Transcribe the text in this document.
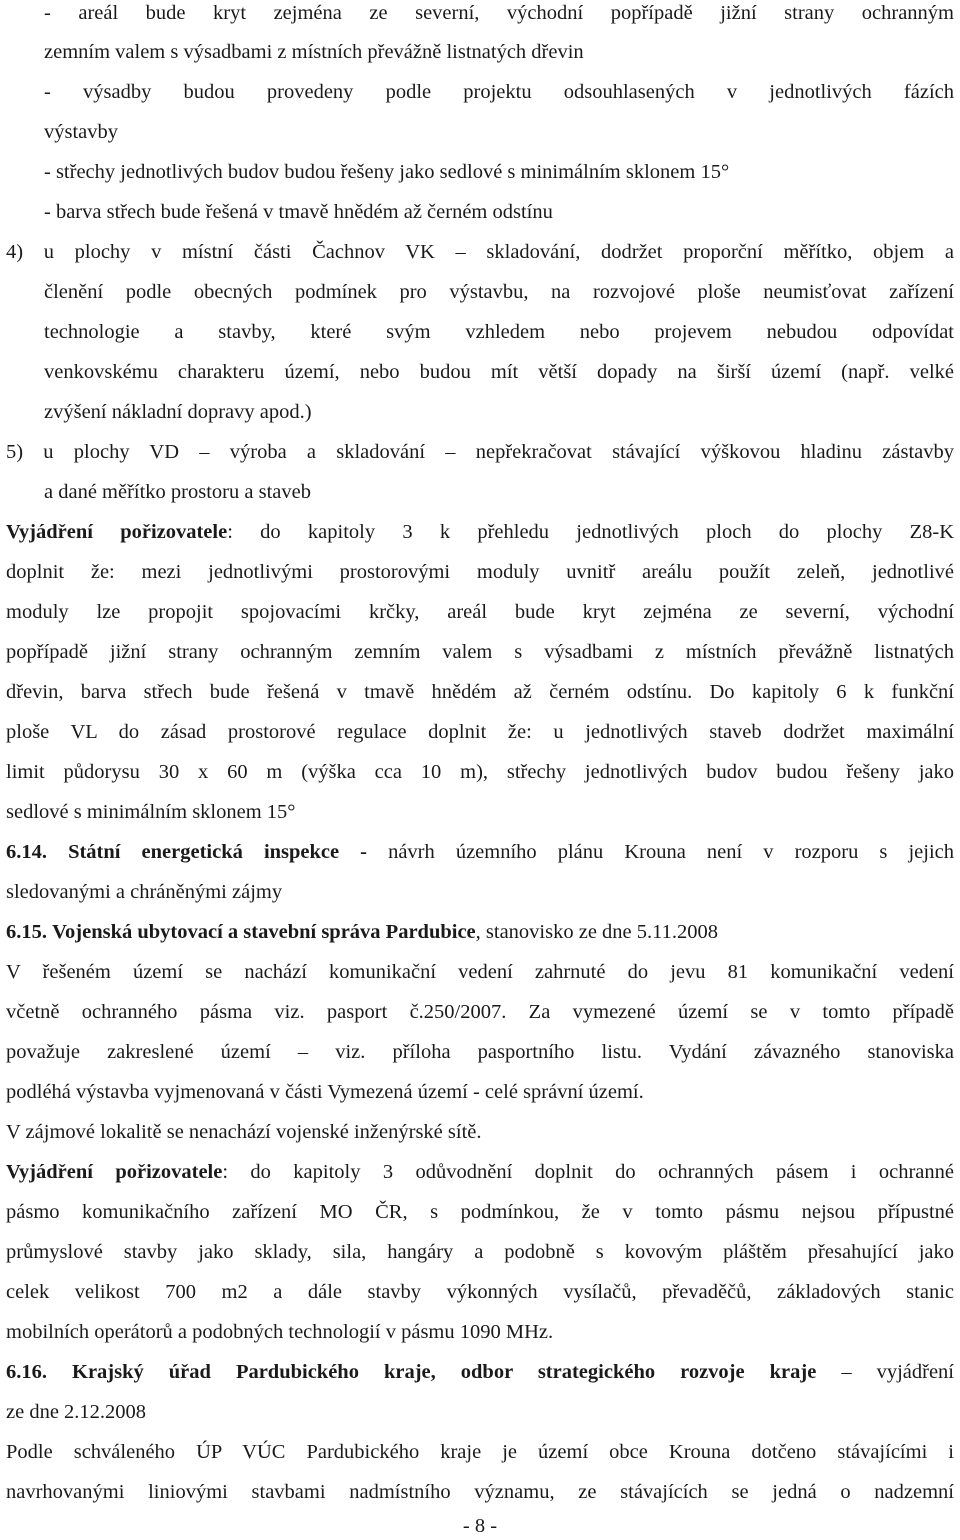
- areál bude kryt zejména ze severní, východní popřípadě jižní strany ochranným
zemním valem s výsadbami z místních převážně listnatých dřevin
- výsadby budou provedeny podle projektu odsouhlasených v jednotlivých fázích
výstavby
- střechy jednotlivých budov budou řešeny jako sedlové s minimálním sklonem 15°
- barva střech bude řešená v tmavě hnědém až černém odstínu
4) u plochy v místní části Čachnov VK – skladování, dodržet proporční měřítko, objem a
členění podle obecných podmínek pro výstavbu, na rozvojové ploše neumisťovat zařízení
technologie a stavby, které svým vzhledem nebo projevem nebudou odpovídat
venkovskému charakteru území, nebo budou mít větší dopady na širší území (např. velké
zvýšení nákladní dopravy apod.)
5) u plochy VD – výroba a skladování – nepřekračovat stávající výškovou hladinu zástavby
a dané měřítko prostoru a staveb
Vyjádření pořizovatele: do kapitoly 3 k přehledu jednotlivých ploch do plochy Z8-K
doplnit že: mezi jednotlivými prostorovými moduly uvnitř areálu použít zeleň, jednotlivé
moduly lze propojit spojovacími krčky, areál bude kryt zejména ze severní, východní
popřípadě jižní strany ochranným zemním valem s výsadbami z místních převážně listnatých
dřevin, barva střech bude řešená v tmavě hnědém až černém odstínu. Do kapitoly 6 k funkční
ploše VL do zásad prostorové regulace doplnit že: u jednotlivých staveb dodržet maximální
limit půdorysu 30 x 60 m (výška cca 10 m), střechy jednotlivých budov budou řešeny jako
sedlové s minimálním sklonem 15°
6.14. Státní energetická inspekce - návrh územního plánu Krouna není v rozporu s jejich
sledovanými a chráněnými zájmy
6.15. Vojenská ubytovací a stavební správa Pardubice, stanovisko ze dne 5.11.2008
V řešeném území se nachází komunikační vedení zahrnuté do jevu 81 komunikační vedení
včetně ochranného pásma viz. pasport č.250/2007. Za vymezené území se v tomto případě
považuje zakreslené území – viz. příloha pasportního listu. Vydání závazného stanoviska
podléhá výstavba vyjmenovaná v části Vymezená území - celé správní území.
V zájmové lokalitě se nenachází vojenské inženýrské sítě.
Vyjádření pořizovatele: do kapitoly 3 odůvodnění doplnit do ochranných pásem i ochranné
pásmo komunikačního zařízení MO ČR, s podmínkou, že v tomto pásmu nejsou přípustné
průmyslové stavby jako sklady, sila, hangáry a podobně s kovovým pláštěm přesahující jako
celek velikost 700 m2 a dále stavby výkonných vysílačů, převaděčů, základových stanic
mobilních operátorů a podobných technologií v pásmu 1090 MHz.
6.16. Krajský úřad Pardubického kraje, odbor strategického rozvoje kraje – vyjádření
ze dne 2.12.2008
Podle schváleného ÚP VÚC Pardubického kraje je území obce Krouna dotčeno stávajícími i
navrhovanými liniovými stavbami nadmístního významu, ze stávajících se jedná o nadzemní
- 8 -
